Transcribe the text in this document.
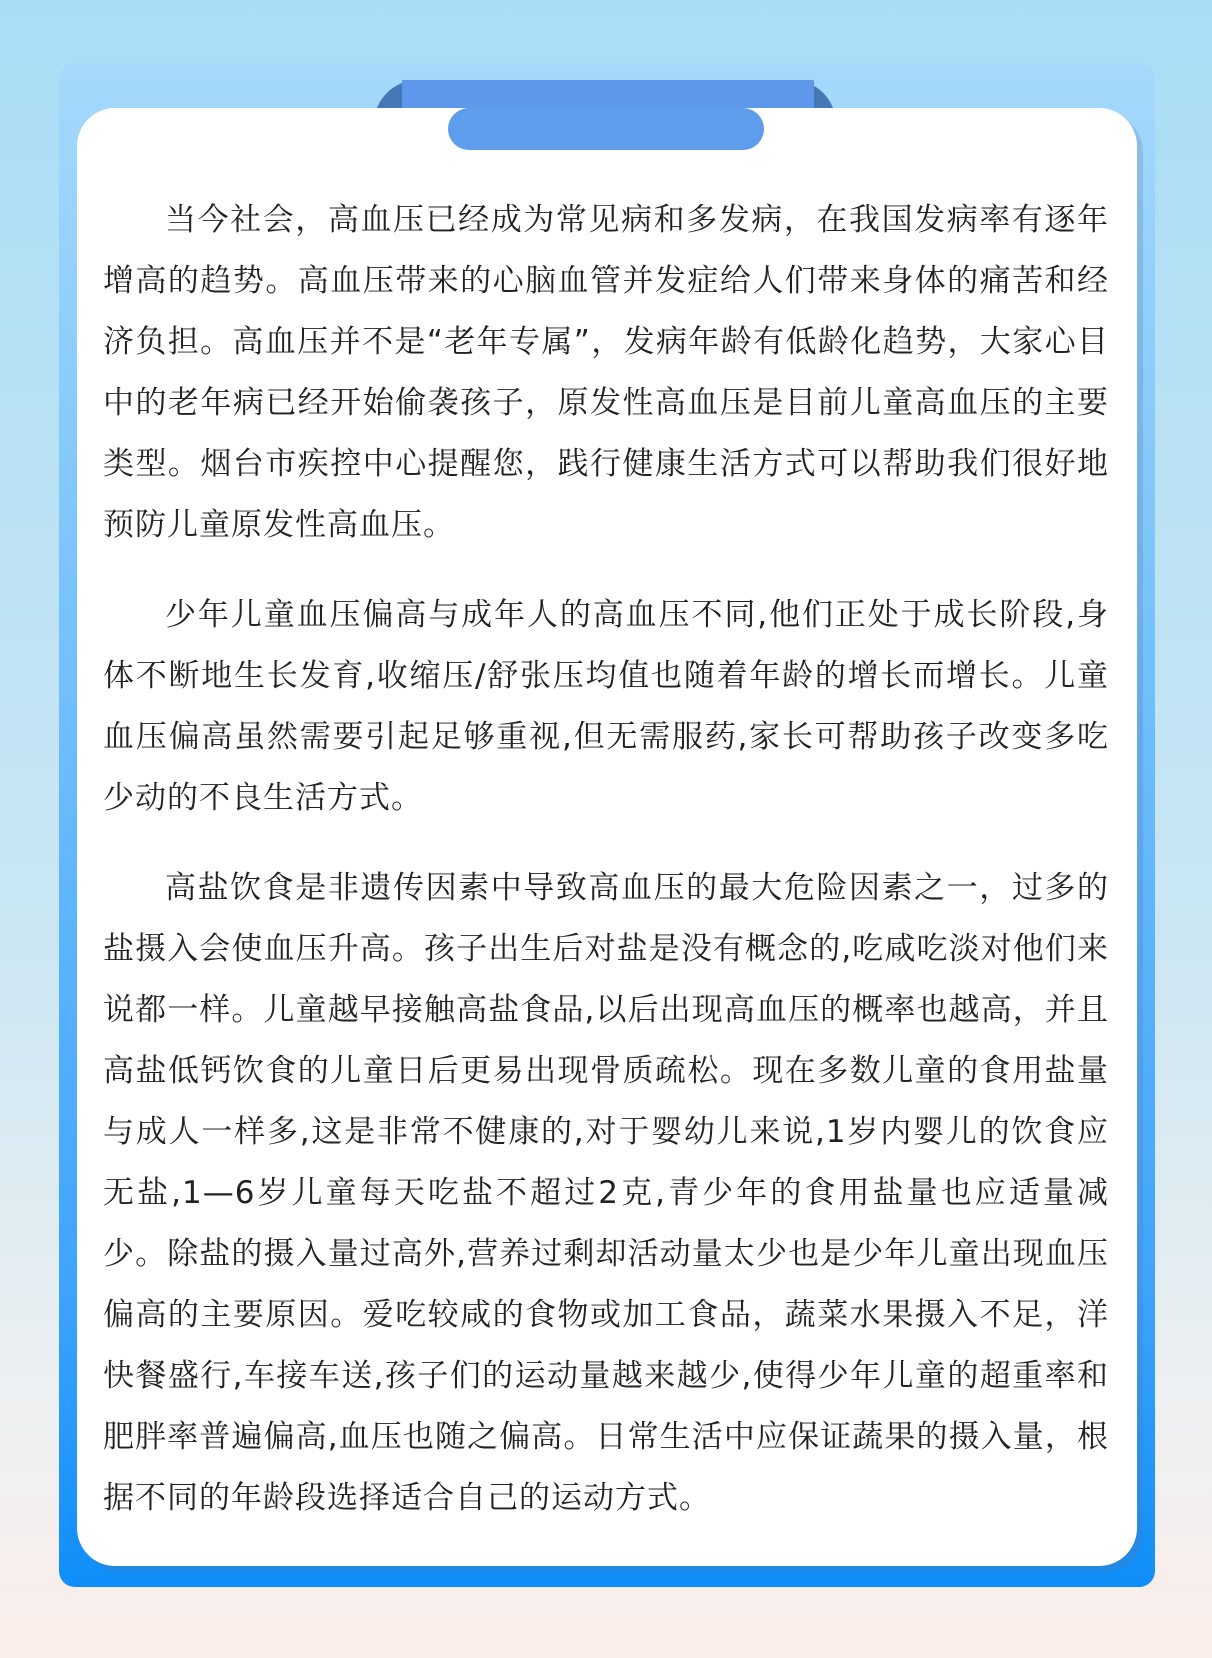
当今社会，高血压已经成为常见病和多发病，在我国发病率有逐年增高的趋势。高血压带来的心脑血管并发症给人们带来身体的痛苦和经济负担。高血压并不是“老年专属”，发病年龄有低龄化趋势，大家心目中的老年病已经开始偷袭孩子，原发性高血压是目前儿童高血压的主要类型。烟台市疾控中心提醒您，践行健康生活方式可以帮助我们很好地预防儿童原发性高血压。

少年儿童血压偏高与成年人的高血压不同,他们正处于成长阶段,身体不断地生长发育,收缩压/舒张压均值也随着年龄的增长而增长。儿童血压偏高虽然需要引起足够重视,但无需服药,家长可帮助孩子改变多吃少动的不良生活方式。

高盐饮食是非遗传因素中导致高血压的最大危险因素之一，过多的盐摄入会使血压升高。孩子出生后对盐是没有概念的,吃咸吃淡对他们来说都一样。儿童越早接触高盐食品,以后出现高血压的概率也越高，并且高盐低钙饮食的儿童日后更易出现骨质疏松。现在多数儿童的食用盐量与成人一样多,这是非常不健康的,对于婴幼儿来说,1岁内婴儿的饮食应无盐,1—6岁儿童每天吃盐不超过2克,青少年的食用盐量也应适量减少。除盐的摄入量过高外,营养过剩却活动量太少也是少年儿童出现血压偏高的主要原因。爱吃较咸的食物或加工食品，蔬菜水果摄入不足，洋快餐盛行,车接车送,孩子们的运动量越来越少,使得少年儿童的超重率和肥胖率普遍偏高,血压也随之偏高。日常生活中应保证蔬果的摄入量，根据不同的年龄段选择适合自己的运动方式。
